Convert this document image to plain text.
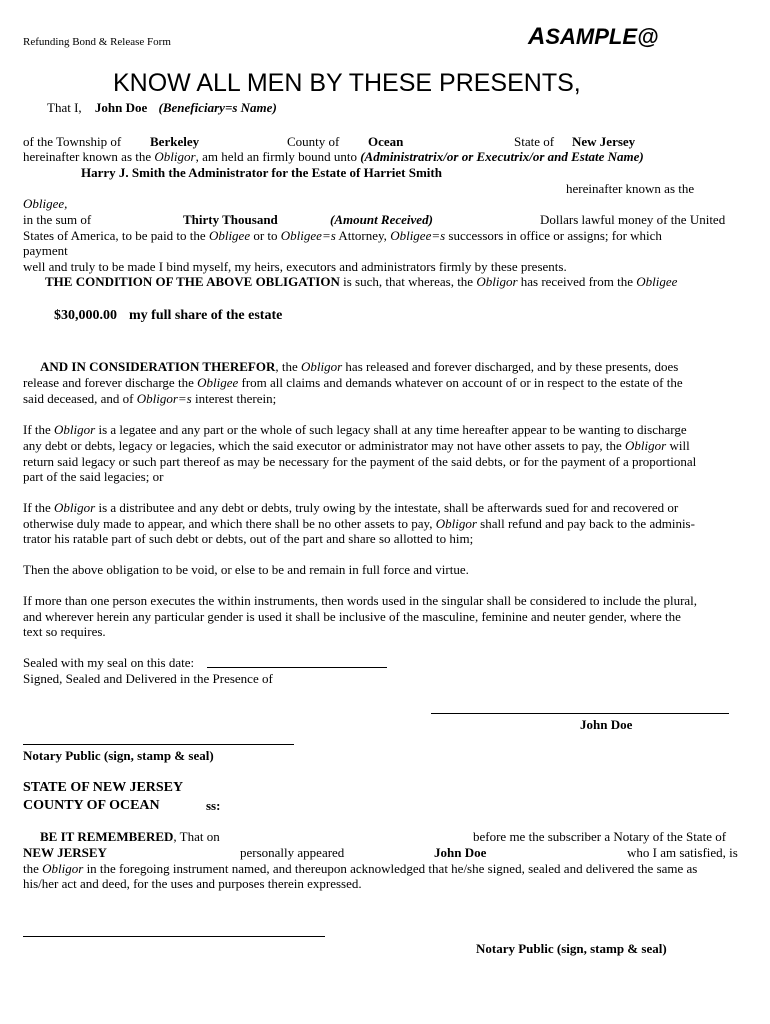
Refunding Bond & Release Form	ASAMPLE@
KNOW ALL MEN BY THESE PRESENTS,
That I, John Doe (Beneficiary=s Name)
of the Township of Berkeley	County of Ocean	State of New Jersey
hereinafter known as the Obligor, am held an firmly bound unto (Administratrix/or or Executrix/or and Estate Name)
Harry J. Smith the Administrator for the Estate of Harriet Smith
hereinafter known as the
Obligee,
in the sum of	Thirty Thousand	(Amount Received)	Dollars lawful money of the United
States of America, to be paid to the Obligee or to Obligee=s Attorney, Obligee=s successors in office or assigns; for which
payment
well and truly to be made I bind myself, my heirs, executors and administrators firmly by these presents.
THE CONDITION OF THE ABOVE OBLIGATION is such, that whereas, the Obligor has received from the Obligee
$30,000.00 my full share of the estate
AND IN CONSIDERATION THEREFOR, the Obligor has released and forever discharged, and by these presents, does
release and forever discharge the Obligee from all claims and demands whatever on account of or in respect to the estate of the
said deceased, and of Obligor=s interest therein;
If the Obligor is a legatee and any part or the whole of such legacy shall at any time hereafter appear to be wanting to discharge
any debt or debts, legacy or legacies, which the said executor or administrator may not have other assets to pay, the Obligor will
return said legacy or such part thereof as may be necessary for the payment of the said debts, or for the payment of a proportional
part of the said legacies; or
If the Obligor is a distributee and any debt or debts, truly owing by the intestate, shall be afterwards sued for and recovered or
otherwise duly made to appear, and which there shall be no other assets to pay, Obligor shall refund and pay back to the adminis-
trator his ratable part of such debt or debts, out of the part and share so allotted to him;
Then the above obligation to be void, or else to be and remain in full force and virtue.
If more than one person executes the within instruments, then words used in the singular shall be considered to include the plural,
and wherever herein any particular gender is used it shall be inclusive of the masculine, feminine and neuter gender, where the
text so requires.
Sealed with my seal on this date:
Signed, Sealed and Delivered in the Presence of
John Doe
Notary Public (sign, stamp & seal)
STATE OF NEW JERSEY
COUNTY OF OCEAN	ss:
BE IT REMEMBERED, That on	before me the subscriber a Notary of the State of
NEW JERSEY	personally appeared	John Doe	who I am satisfied, is
the Obligor in the foregoing instrument named, and thereupon acknowledged that he/she signed, sealed and delivered the same as
his/her act and deed, for the uses and purposes therein expressed.
Notary Public (sign, stamp & seal)
